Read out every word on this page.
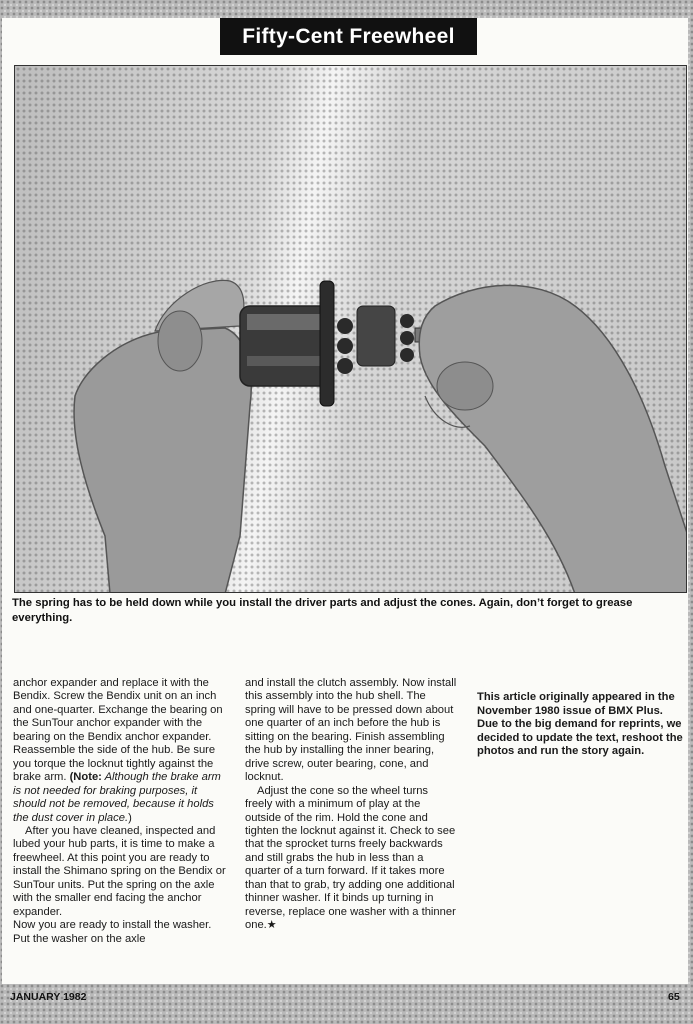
Fifty-Cent Freewheel
The spring has to be held down while you install the driver parts and adjust the cones. Again, don’t forget to grease everything.

anchor expander and replace it with the Bendix. Screw the Bendix unit on an inch and one-quarter. Exchange the bearing on the SunTour anchor expander with the bearing on the Bendix anchor expander. Reassemble the side of the hub. Be sure you torque the locknut tightly against the brake arm. (Note: Although the brake arm is not needed for braking purposes, it should not be removed, because it holds the dust cover in place.)

After you have cleaned, inspected and lubed your hub parts, it is time to make a freewheel. At this point you are ready to install the Shimano spring on the Bendix or SunTour units. Put the spring on the axle with the smaller end facing the anchor expander.

Now you are ready to install the washer. Put the washer on the axle

and install the clutch assembly. Now install this assembly into the hub shell. The spring will have to be pressed down about one quarter of an inch before the hub is sitting on the bearing. Finish assembling the hub by installing the inner bearing, drive screw, outer bearing, cone, and locknut.

Adjust the cone so the wheel turns freely with a minimum of play at the outside of the rim. Hold the cone and tighten the locknut against it. Check to see that the sprocket turns freely backwards and still grabs the hub in less than a quarter of a turn forward. If it takes more than that to grab, try adding one additional thinner washer. If it binds up turning in reverse, replace one washer with a thinner one.★

This article originally appeared in the November 1980 issue of BMX Plus. Due to the big demand for reprints, we decided to update the text, reshoot the photos and run the story again.

JANUARY 1982	65
